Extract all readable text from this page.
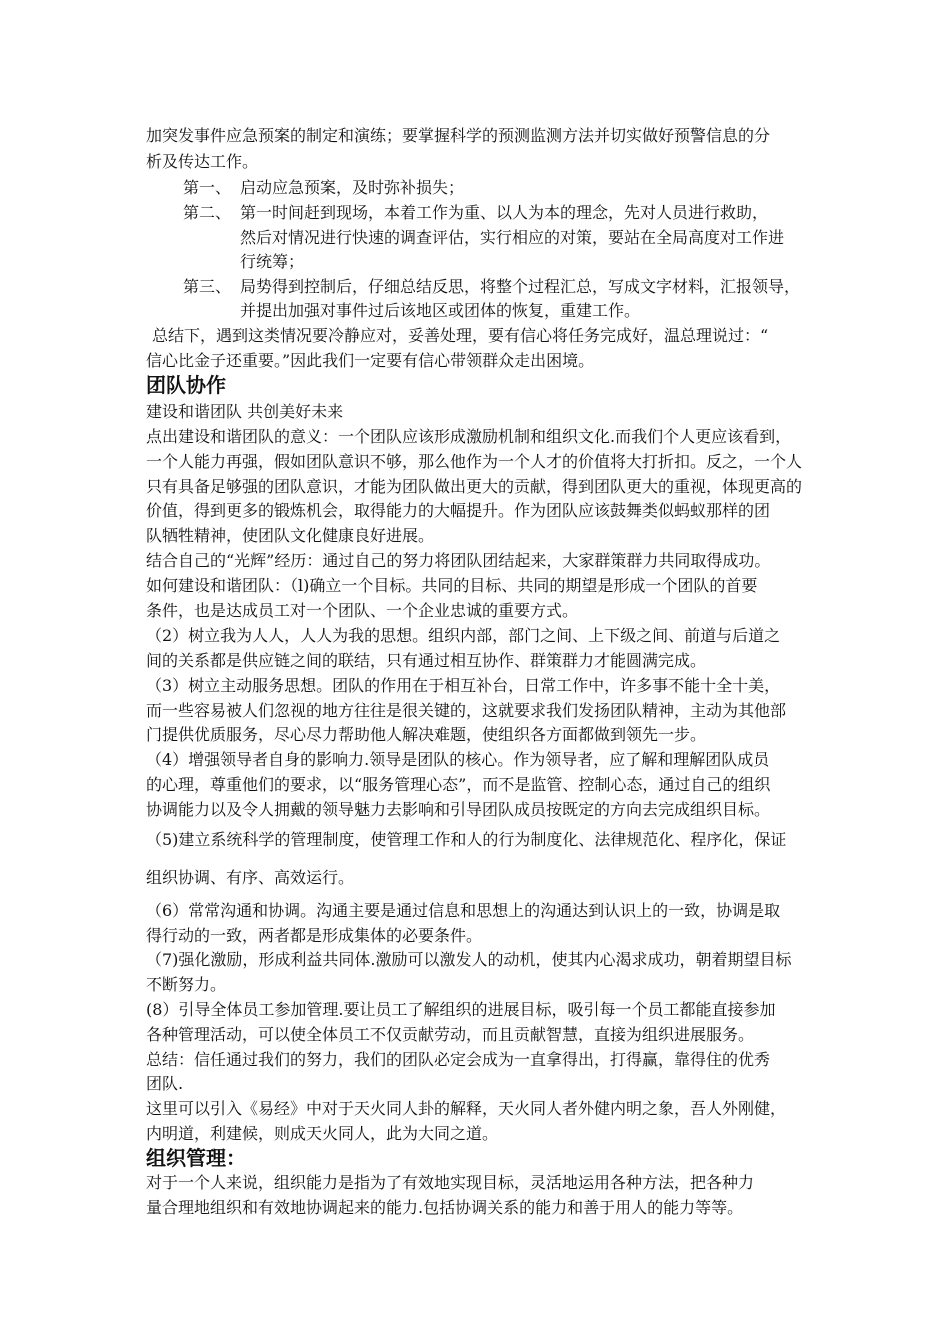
加突发事件应急预案的制定和演练；要掌握科学的预测监测方法并切实做好预警信息的分
析及传达工作。
第一、 启动应急预案，及时弥补损失；
第二、 第一时间赶到现场，本着工作为重、以人为本的理念，先对人员进行救助，
然后对情况进行快速的调查评估，实行相应的对策，要站在全局高度对工作进
行统筹；
第三、 局势得到控制后，仔细总结反思，将整个过程汇总，写成文字材料，汇报领导，
并提出加强对事件过后该地区或团体的恢复，重建工作。
总结下，遇到这类情况要冷静应对，妥善处理，要有信心将任务完成好，温总理说过：“
信心比金子还重要。”因此我们一定要有信心带领群众走出困境。
团队协作
建设和谐团队 共创美好未来
点出建设和谐团队的意义：一个团队应该形成激励机制和组织文化.而我们个人更应该看到，
一个人能力再强，假如团队意识不够，那么他作为一个人才的价值将大打折扣。反之，一个人
只有具备足够强的团队意识，才能为团队做出更大的贡献，得到团队更大的重视，体现更高的
价值，得到更多的锻炼机会，取得能力的大幅提升。作为团队应该鼓舞类似蚂蚁那样的团
队牺牲精神，使团队文化健康良好进展。
结合自己的“光辉”经历：通过自己的努力将团队团结起来，大家群策群力共同取得成功。
如何建设和谐团队：（l)确立一个目标。共同的目标、共同的期望是形成一个团队的首要
条件，也是达成员工对一个团队、一个企业忠诚的重要方式。
（2）树立我为人人，人人为我的思想。组织内部，部门之间、上下级之间、前道与后道之
间的关系都是供应链之间的联结，只有通过相互协作、群策群力才能圆满完成。
（3）树立主动服务思想。团队的作用在于相互补台，日常工作中，许多事不能十全十美，
而一些容易被人们忽视的地方往往是很关键的，这就要求我们发扬团队精神，主动为其他部
门提供优质服务，尽心尽力帮助他人解决难题，使组织各方面都做到领先一步。
（4）增强领导者自身的影响力.领导是团队的核心。作为领导者，应了解和理解团队成员
的心理，尊重他们的要求，以“服务管理心态”，而不是监管、控制心态，通过自己的组织
协调能力以及令人拥戴的领导魅力去影响和引导团队成员按既定的方向去完成组织目标。
（5)建立系统科学的管理制度，使管理工作和人的行为制度化、法律规范化、程序化，保证
组织协调、有序、高效运行。
（6）常常沟通和协调。沟通主要是通过信息和思想上的沟通达到认识上的一致，协调是取
得行动的一致，两者都是形成集体的必要条件。
（7)强化激励，形成利益共同体.激励可以激发人的动机，使其内心渴求成功，朝着期望目标
不断努力。
(8）引导全体员工参加管理.要让员工了解组织的进展目标，吸引每一个员工都能直接参加
各种管理活动，可以使全体员工不仅贡献劳动，而且贡献智慧，直接为组织进展服务。
总结：信任通过我们的努力，我们的团队必定会成为一直拿得出，打得赢，靠得住的优秀
团队.
这里可以引入《易经》中对于天火同人卦的解释，天火同人者外健内明之象，吾人外刚健，
内明道，利建候，则成天火同人，此为大同之道。
组织管理：
对于一个人来说，组织能力是指为了有效地实现目标，灵活地运用各种方法，把各种力
量合理地组织和有效地协调起来的能力.包括协调关系的能力和善于用人的能力等等。
